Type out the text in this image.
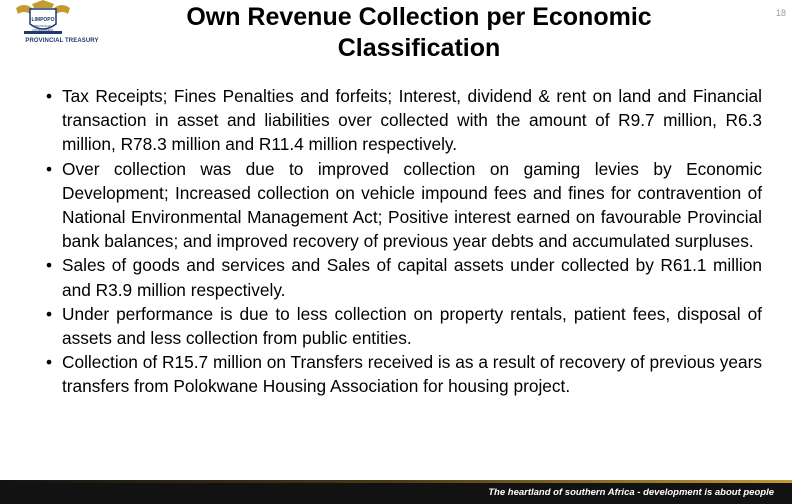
LIMPOPO
PROVINCIAL GOVERNMENT
PROVINCIAL TREASURY
Own Revenue Collection per Economic Classification
18
• Tax Receipts; Fines Penalties and forfeits; Interest, dividend & rent on land and Financial transaction in asset and liabilities over collected with the amount of R9.7 million, R6.3 million, R78.3 million and R11.4 million respectively.
• Over collection was due to improved collection on gaming levies by Economic Development; Increased collection on vehicle impound fees and fines for contravention of National Environmental Management Act; Positive interest earned on favourable Provincial bank balances; and improved recovery of previous year debts and accumulated surpluses.
• Sales of goods and services and Sales of capital assets under collected by R61.1 million and R3.9 million respectively.
• Under performance is due to less collection on property rentals, patient fees, disposal of assets and less collection from public entities.
• Collection of R15.7 million on Transfers received is as a result of recovery of previous years transfers from Polokwane Housing Association for housing project.
The heartland of southern Africa - development is about people
